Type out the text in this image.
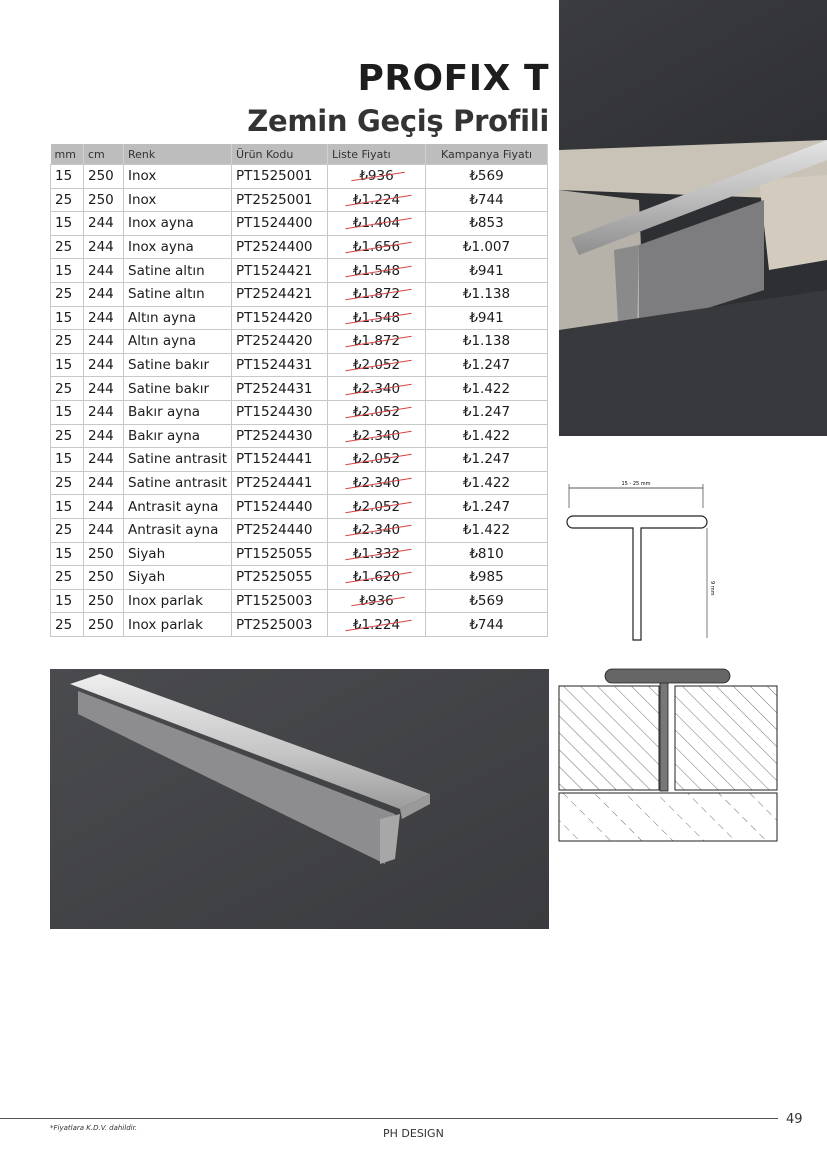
PROFIX T
Zemin Geçiş Profili
mm	cm	Renk	Ürün Kodu	Liste Fiyatı	Kampanya Fiyatı
15	250	Inox	PT1525001	₺936	₺569
25	250	Inox	PT2525001	₺1.224	₺744
15	244	Inox ayna	PT1524400	₺1.404	₺853
25	244	Inox ayna	PT2524400	₺1.656	₺1.007
15	244	Satine altın	PT1524421	₺1.548	₺941
25	244	Satine altın	PT2524421	₺1.872	₺1.138
15	244	Altın ayna	PT1524420	₺1.548	₺941
25	244	Altın ayna	PT2524420	₺1.872	₺1.138
15	244	Satine bakır	PT1524431	₺2.052	₺1.247
25	244	Satine bakır	PT2524431	₺2.340	₺1.422
15	244	Bakır ayna	PT1524430	₺2.052	₺1.247
25	244	Bakır ayna	PT2524430	₺2.340	₺1.422
15	244	Satine antrasit	PT1524441	₺2.052	₺1.247
25	244	Satine antrasit	PT2524441	₺2.340	₺1.422
15	244	Antrasit ayna	PT1524440	₺2.052	₺1.247
25	244	Antrasit ayna	PT2524440	₺2.340	₺1.422
15	250	Siyah	PT1525055	₺1.332	₺810
25	250	Siyah	PT2525055	₺1.620	₺985
15	250	Inox parlak	PT1525003	₺936	₺569
25	250	Inox parlak	PT2525003	₺1.224	₺744
15 - 25 mm
9 mm
*Fiyatlara K.D.V. dahildir.	PH DESIGN
49
